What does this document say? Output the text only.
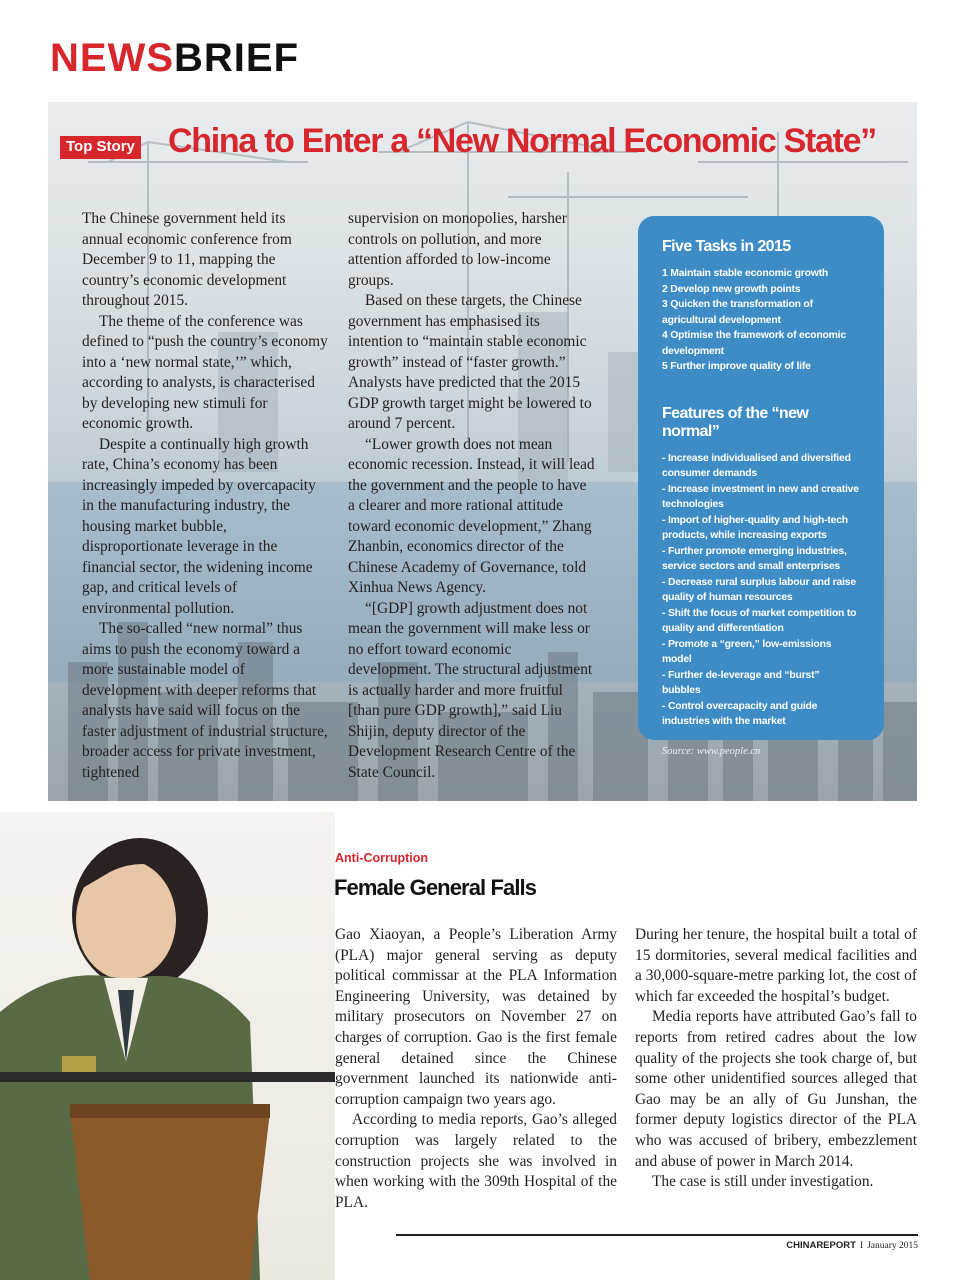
NEWSBRIEF
Top Story China to Enter a “New Normal Economic State”

The Chinese government held its annual economic conference from December 9 to 11, mapping the country’s economic development throughout 2015.

The theme of the conference was defined to “push the country’s economy into a ‘new normal state,’” which, according to analysts, is characterised by developing new stimuli for economic growth.

Despite a continually high growth rate, China’s economy has been increasingly impeded by overcapacity in the manufacturing industry, the housing market bubble, disproportionate leverage in the financial sector, the widening income gap, and critical levels of environmental pollution.

The so-called “new normal” thus aims to push the economy toward a more sustainable model of development with deeper reforms that analysts have said will focus on the faster adjustment of industrial structure, broader access for private investment, tightened

supervision on monopolies, harsher controls on pollution, and more attention afforded to low-income groups.

Based on these targets, the Chinese government has emphasised its intention to “maintain stable economic growth” instead of “faster growth.” Analysts have predicted that the 2015 GDP growth target might be lowered to around 7 percent.

“Lower growth does not mean economic recession. Instead, it will lead the government and the people to have a clearer and more rational attitude toward economic development,” Zhang Zhanbin, economics director of the Chinese Academy of Governance, told Xinhua News Agency.

“[GDP] growth adjustment does not mean the government will make less or no effort toward economic development. The structural adjustment is actually harder and more fruitful [than pure GDP growth],” said Liu Shijin, deputy director of the Development Research Centre of the State Council.

Five Tasks in 2015
1 Maintain stable economic growth
2 Develop new growth points
3 Quicken the transformation of agricultural development
4 Optimise the framework of economic development
5 Further improve quality of life
Features of the “new normal”
- Increase individualised and diversified consumer demands
- Increase investment in new and creative technologies
- Import of higher-quality and high-tech products, while increasing exports
- Further promote emerging industries, service sectors and small enterprises
- Decrease rural surplus labour and raise quality of human resources
- Shift the focus of market competition to quality and differentiation
- Promote a “green,” low-emissions model
- Further de-leverage and “burst” bubbles
- Control overcapacity and guide industries with the market
Source: www.people.cn
Anti-Corruption
Female General Falls

Gao Xiaoyan, a People’s Liberation Army (PLA) major general serving as deputy political commissar at the PLA Information Engineering University, was detained by military prosecutors on November 27 on charges of corruption. Gao is the first female general detained since the Chinese government launched its nationwide anti-corruption campaign two years ago.

According to media reports, Gao’s alleged corruption was largely related to the construction projects she was involved in when working with the 309th Hospital of the PLA.

During her tenure, the hospital built a total of 15 dormitories, several medical facilities and a 30,000-square-metre parking lot, the cost of which far exceeded the hospital’s budget.

Media reports have attributed Gao’s fall to reports from retired cadres about the low quality of the projects she took charge of, but some other unidentified sources alleged that Gao may be an ally of Gu Junshan, the former deputy logistics director of the PLA who was accused of bribery, embezzlement and abuse of power in March 2014.

The case is still under investigation.

CHINAREPORT I January 2015
